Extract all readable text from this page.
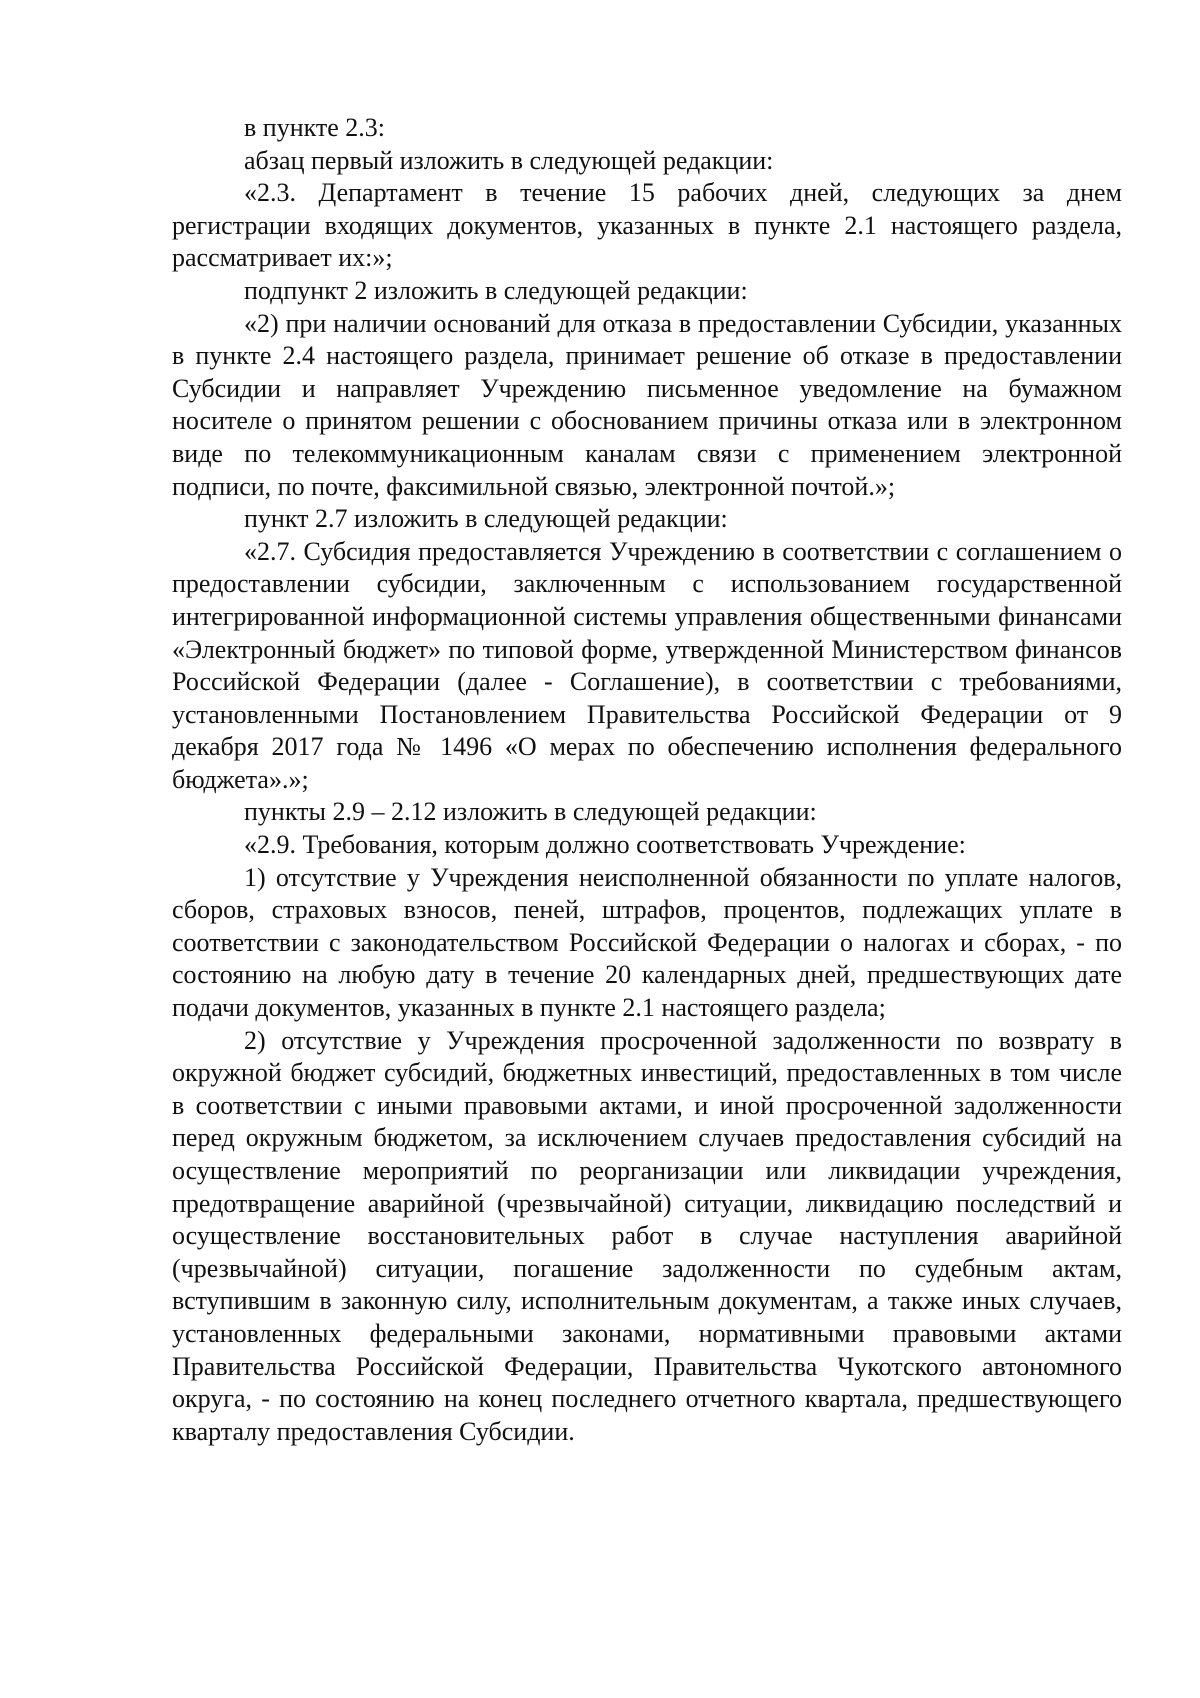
в пункте 2.3:

абзац первый изложить в следующей редакции:

«2.3. Департамент в течение 15 рабочих дней, следующих за днем регистрации входящих документов, указанных в пункте 2.1 настоящего раздела, рассматривает их:»;

подпункт 2 изложить в следующей редакции:

«2) при наличии оснований для отказа в предоставлении Субсидии, указанных в пункте 2.4 настоящего раздела, принимает решение об отказе в предоставлении Субсидии и направляет Учреждению письменное уведомление на бумажном носителе о принятом решении с обоснованием причины отказа или в электронном виде по телекоммуникационным каналам связи с применением электронной подписи, по почте, факсимильной связью, электронной почтой.»;

пункт 2.7 изложить в следующей редакции:

«2.7. Субсидия предоставляется Учреждению в соответствии с соглашением о предоставлении субсидии, заключенным с использованием государственной интегрированной информационной системы управления общественными финансами «Электронный бюджет» по типовой форме, утвержденной Министерством финансов Российской Федерации (далее - Соглашение), в соответствии с требованиями, установленными Постановлением Правительства Российской Федерации от 9 декабря 2017 года № 1496 «О мерах по обеспечению исполнения федерального бюджета».»;

пункты 2.9 – 2.12 изложить в следующей редакции:

«2.9. Требования, которым должно соответствовать Учреждение:

1) отсутствие у Учреждения неисполненной обязанности по уплате налогов, сборов, страховых взносов, пеней, штрафов, процентов, подлежащих уплате в соответствии с законодательством Российской Федерации о налогах и сборах, - по состоянию на любую дату в течение 20 календарных дней, предшествующих дате подачи документов, указанных в пункте 2.1 настоящего раздела;

2) отсутствие у Учреждения просроченной задолженности по возврату в окружной бюджет субсидий, бюджетных инвестиций, предоставленных в том числе в соответствии с иными правовыми актами, и иной просроченной задолженности перед окружным бюджетом, за исключением случаев предоставления субсидий на осуществление мероприятий по реорганизации или ликвидации учреждения, предотвращение аварийной (чрезвычайной) ситуации, ликвидацию последствий и осуществление восстановительных работ в случае наступления аварийной (чрезвычайной) ситуации, погашение задолженности по судебным актам, вступившим в законную силу, исполнительным документам, а также иных случаев, установленных федеральными законами, нормативными правовыми актами Правительства Российской Федерации, Правительства Чукотского автономного округа, - по состоянию на конец последнего отчетного квартала, предшествующего кварталу предоставления Субсидии.
